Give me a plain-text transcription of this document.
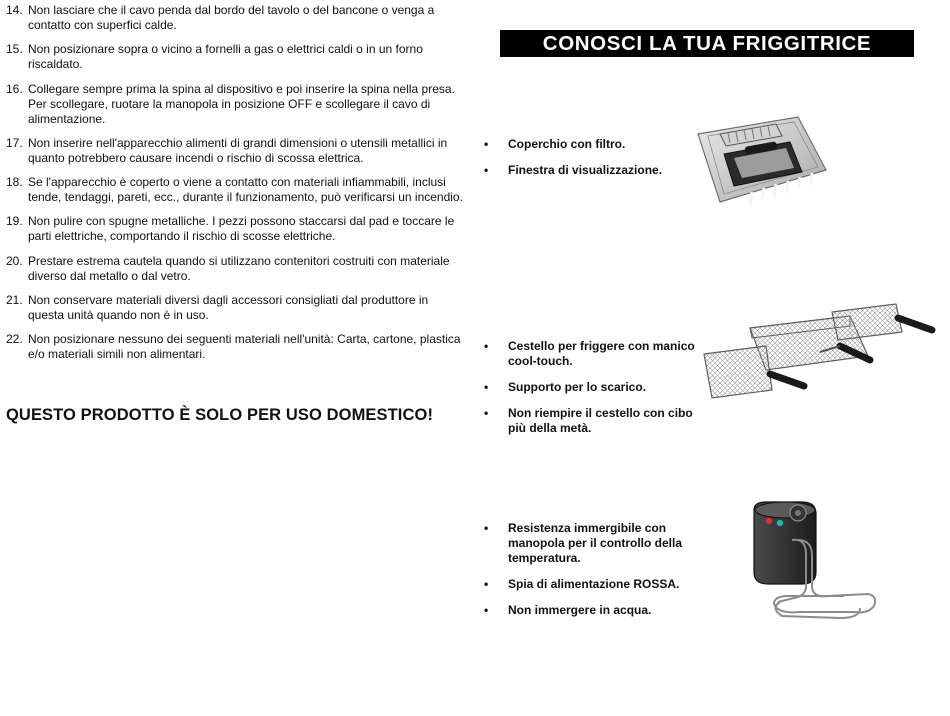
14. Non lasciare che il cavo penda dal bordo del tavolo o del bancone o venga a contatto con superfici calde.
15. Non posizionare sopra o vicino a fornelli a gas o elettrici caldi o in un forno riscaldato.
16. Collegare sempre prima la spina al dispositivo e poi inserire la spina nella presa. Per scollegare, ruotare la manopola in posizione OFF e scollegare il cavo di alimentazione.
17. Non inserire nell'apparecchio alimenti di grandi dimensioni o utensili metallici in quanto potrebbero causare incendi o rischio di scossa elettrica.
18. Se l'apparecchio è coperto o viene a contatto con materiali infiammabili, inclusi tende, tendaggi, pareti, ecc., durante il funzionamento, può verificarsi un incendio.
19. Non pulire con spugne metalliche. I pezzi possono staccarsi dal pad e toccare le parti elettriche, comportando il rischio di scosse elettriche.
20. Prestare estrema cautela quando si utilizzano contenitori costruiti con materiale diverso dal metallo o dal vetro.
21. Non conservare materiali diversi dagli accessori consigliati dal produttore in questa unità quando non è in uso.
22. Non posizionare nessuno dei seguenti materiali nell'unità: Carta, cartone, plastica e/o materiali simili non alimentari.
QUESTO PRODOTTO È SOLO PER USO DOMESTICO!
CONOSCI LA TUA FRIGGITRICE
• Coperchio con filtro.
• Finestra di visualizzazione.
• Cestello per friggere con manico cool-touch.
• Supporto per lo scarico.
• Non riempire il cestello con cibo più della metà.
• Resistenza immergibile con manopola per il controllo della temperatura.
• Spia di alimentazione ROSSA.
• Non immergere in acqua.
